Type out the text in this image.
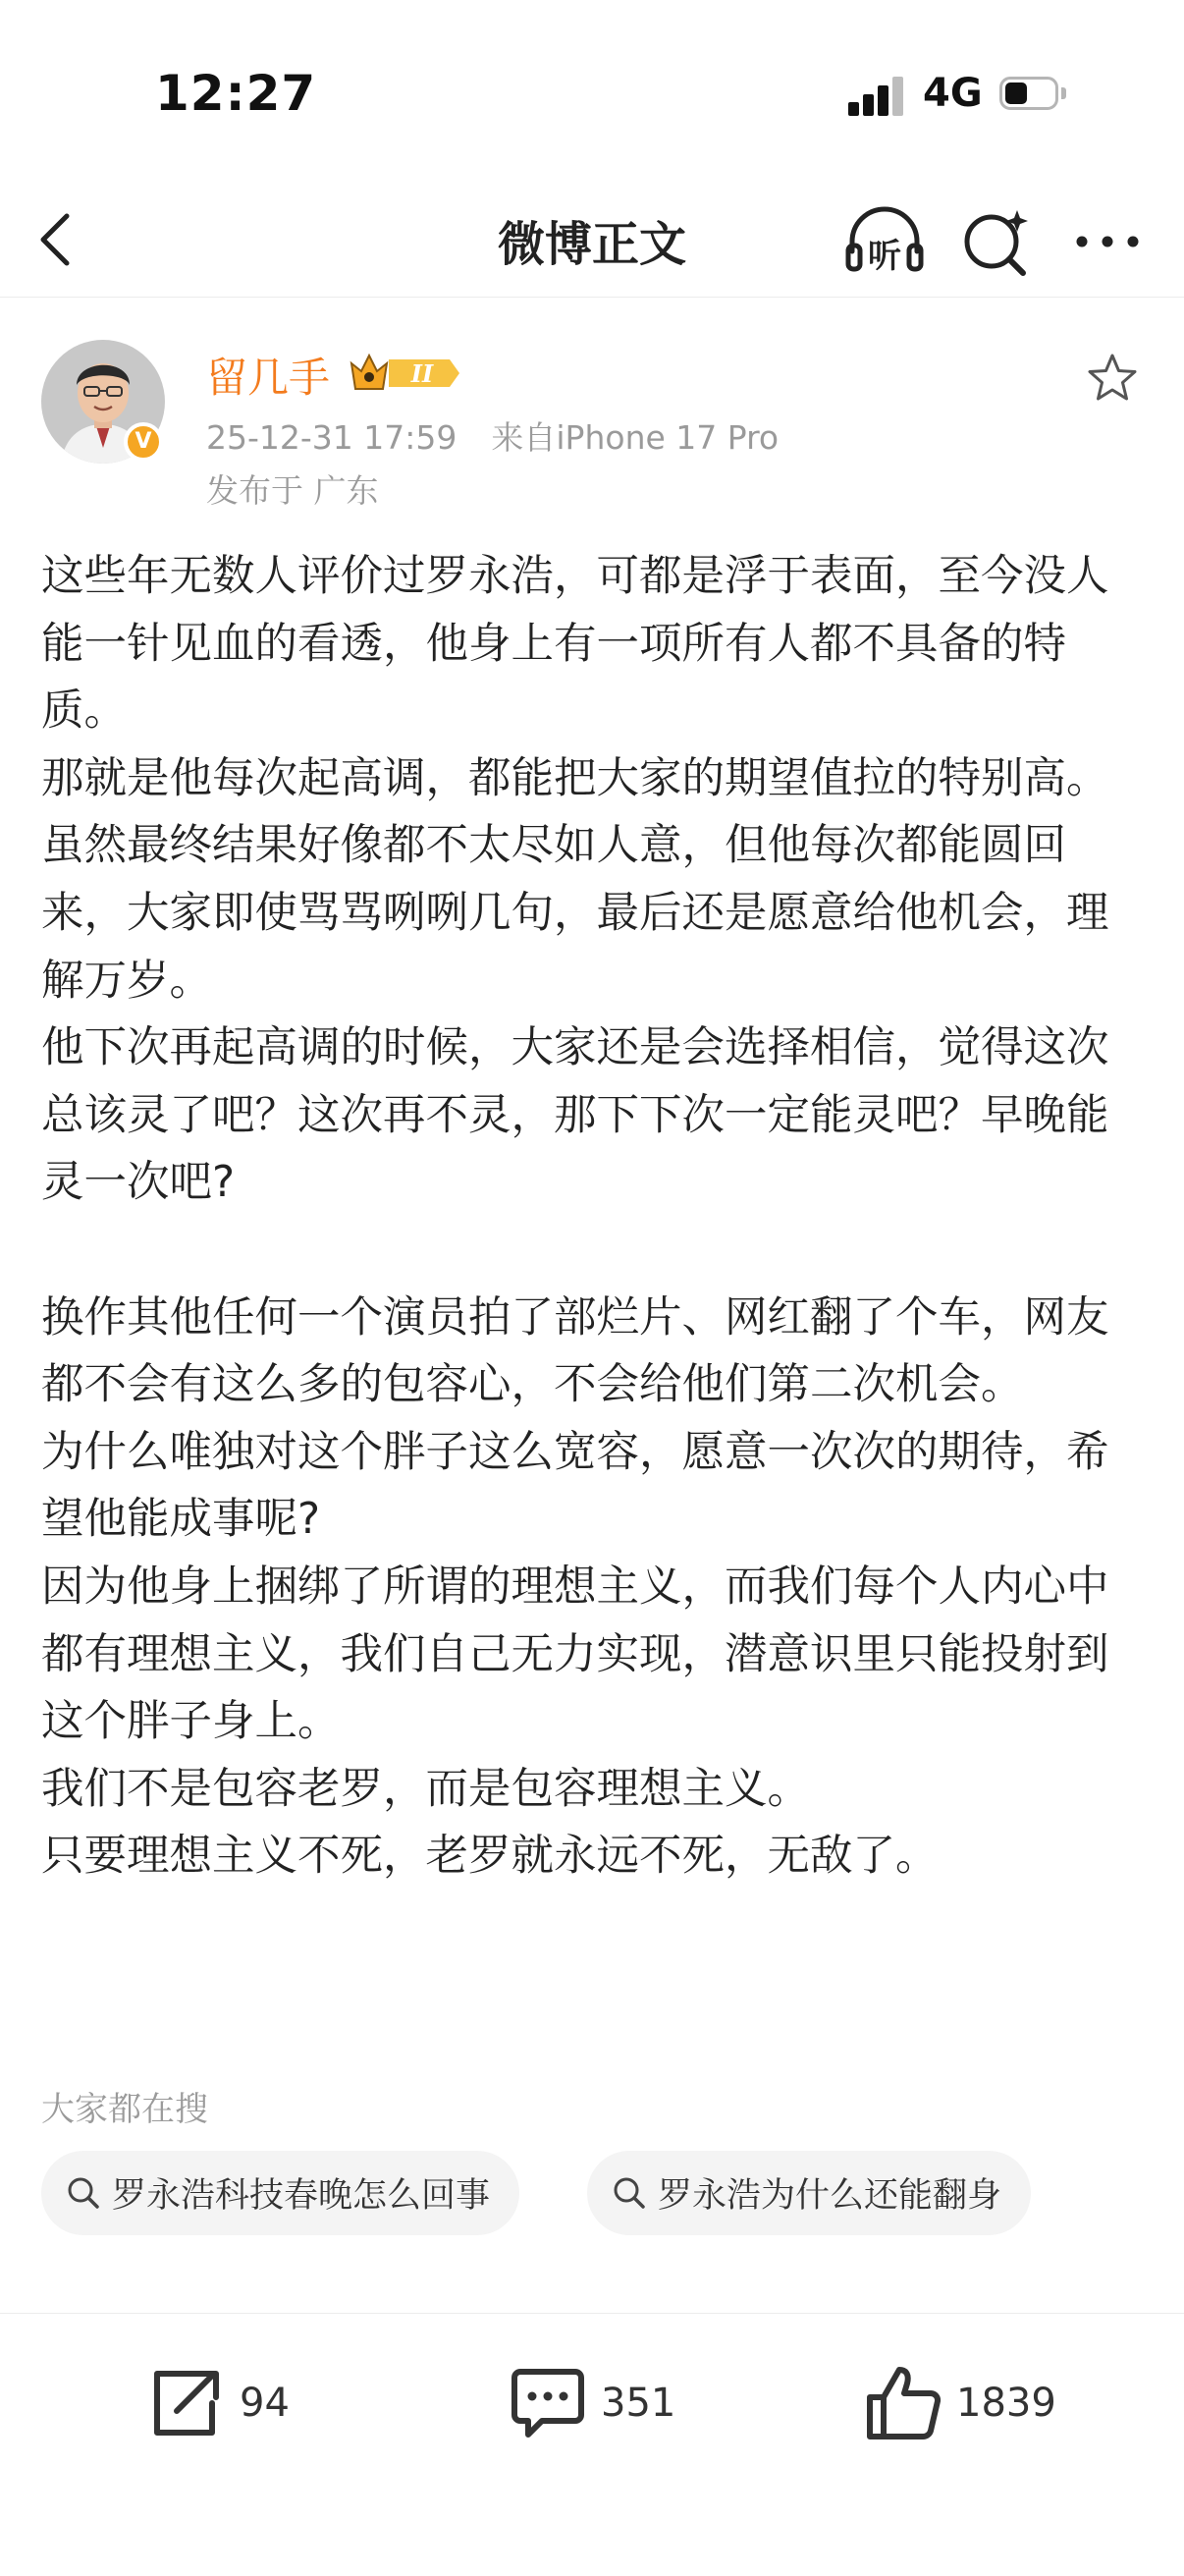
12:27	4G
微博正文	听
V
留几手	II
25-12-31 17:59 来自iPhone 17 Pro
发布于 广东

这些年无数人评价过罗永浩，可都是浮于表面，至今没人能一针见血的看透，他身上有一项所有人都不具备的特质。

那就是他每次起高调，都能把大家的期望值拉的特别高。

虽然最终结果好像都不太尽如人意，但他每次都能圆回来，大家即使骂骂咧咧几句，最后还是愿意给他机会，理解万岁。

他下次再起高调的时候，大家还是会选择相信，觉得这次总该灵了吧？这次再不灵，那下下次一定能灵吧？早晚能灵一次吧?

换作其他任何一个演员拍了部烂片、网红翻了个车，网友都不会有这么多的包容心，不会给他们第二次机会。

为什么唯独对这个胖子这么宽容，愿意一次次的期待，希望他能成事呢?

因为他身上捆绑了所谓的理想主义，而我们每个人内心中都有理想主义，我们自己无力实现，潜意识里只能投射到这个胖子身上。

我们不是包容老罗，而是包容理想主义。

只要理想主义不死，老罗就永远不死，无敌了。

大家都在搜
罗永浩科技春晚怎么回事	罗永浩为什么还能翻身
94	351	1839
